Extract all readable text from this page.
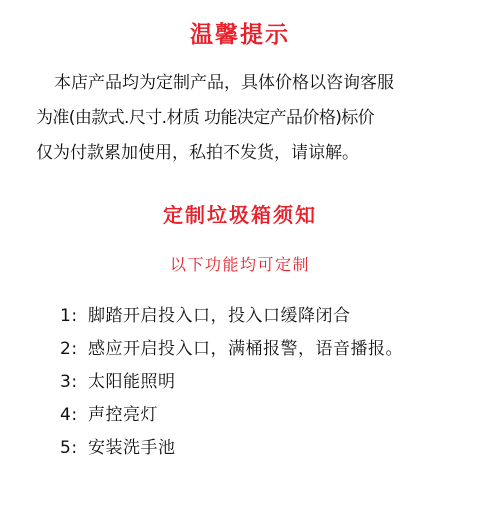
温馨提示
本店产品均为定制产品，具体价格以咨询客服
为准(由款式.尺寸.材质 功能决定产品价格)标价
仅为付款累加使用，私拍不发货，请谅解。
定制垃圾箱须知
以下功能均可定制
1: 脚踏开启投入口，投入口缓降闭合
2: 感应开启投入口，满桶报警，语音播报。
3: 太阳能照明
4: 声控亮灯
5: 安装洗手池
